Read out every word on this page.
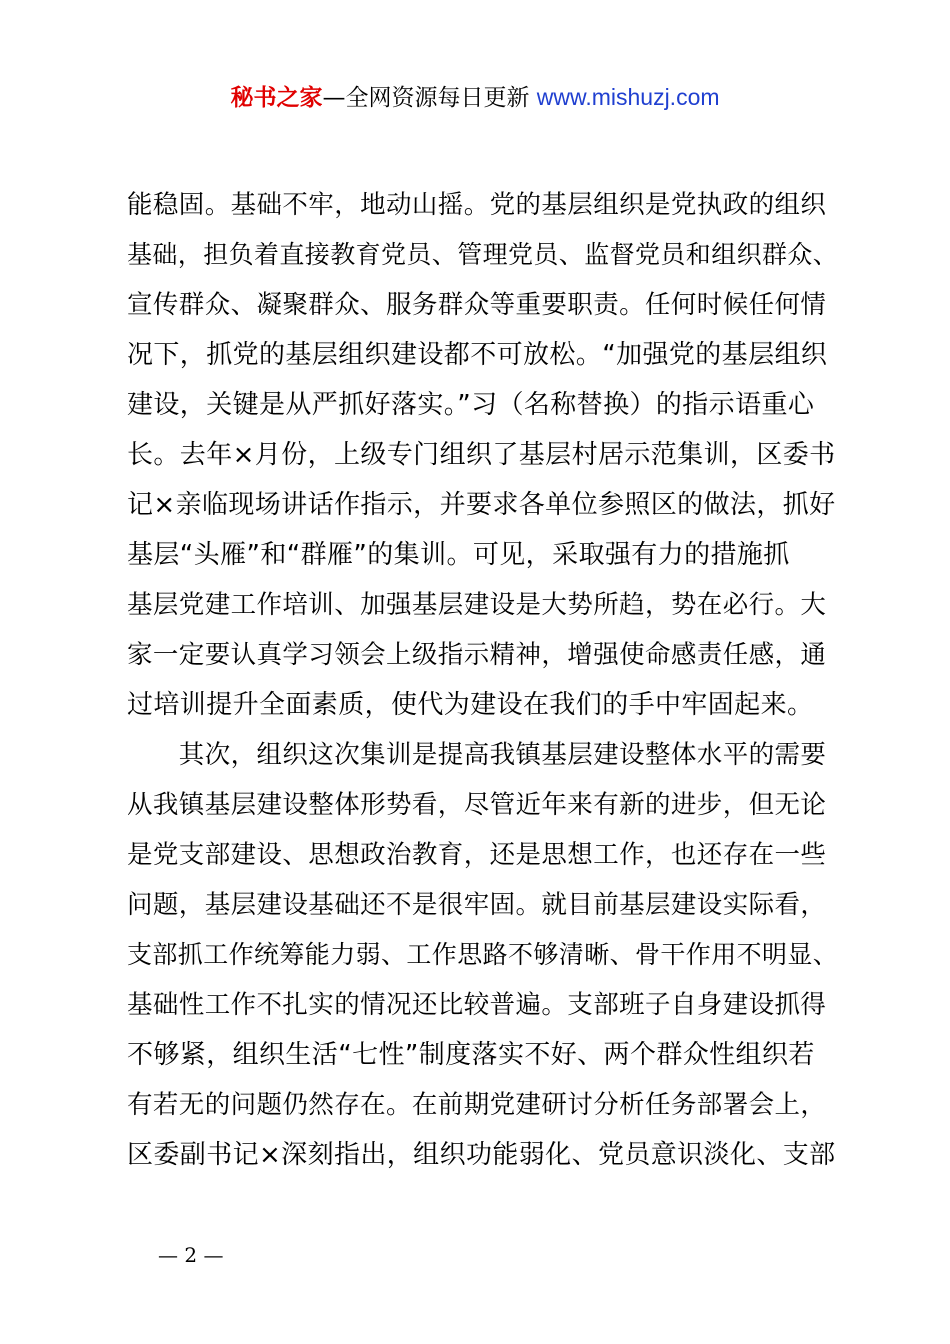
秘书之家—全网资源每日更新 www.mishuzj.com
能稳固。基础不牢，地动山摇。党的基层组织是党执政的组织
基础，担负着直接教育党员、管理党员、监督党员和组织群众、
宣传群众、凝聚群众、服务群众等重要职责。任何时候任何情
况下，抓党的基层组织建设都不可放松。“加强党的基层组织
建设，关键是从严抓好落实。”习（名称替换）的指示语重心
长。去年×月份，上级专门组织了基层村居示范集训，区委书
记×亲临现场讲话作指示，并要求各单位参照区的做法，抓好
基层“头雁”和“群雁”的集训。可见，采取强有力的措施抓
基层党建工作培训、加强基层建设是大势所趋，势在必行。大
家一定要认真学习领会上级指示精神，增强使命感责任感，通
过培训提升全面素质，使代为建设在我们的手中牢固起来。
　　其次，组织这次集训是提高我镇基层建设整体水平的需要
从我镇基层建设整体形势看，尽管近年来有新的进步，但无论
是党支部建设、思想政治教育，还是思想工作，也还存在一些
问题，基层建设基础还不是很牢固。就目前基层建设实际看，
支部抓工作统筹能力弱、工作思路不够清晰、骨干作用不明显、
基础性工作不扎实的情况还比较普遍。支部班子自身建设抓得
不够紧，组织生活“七性”制度落实不好、两个群众性组织若
有若无的问题仍然存在。在前期党建研讨分析任务部署会上，
区委副书记×深刻指出，组织功能弱化、党员意识淡化、支部
— 2 —
